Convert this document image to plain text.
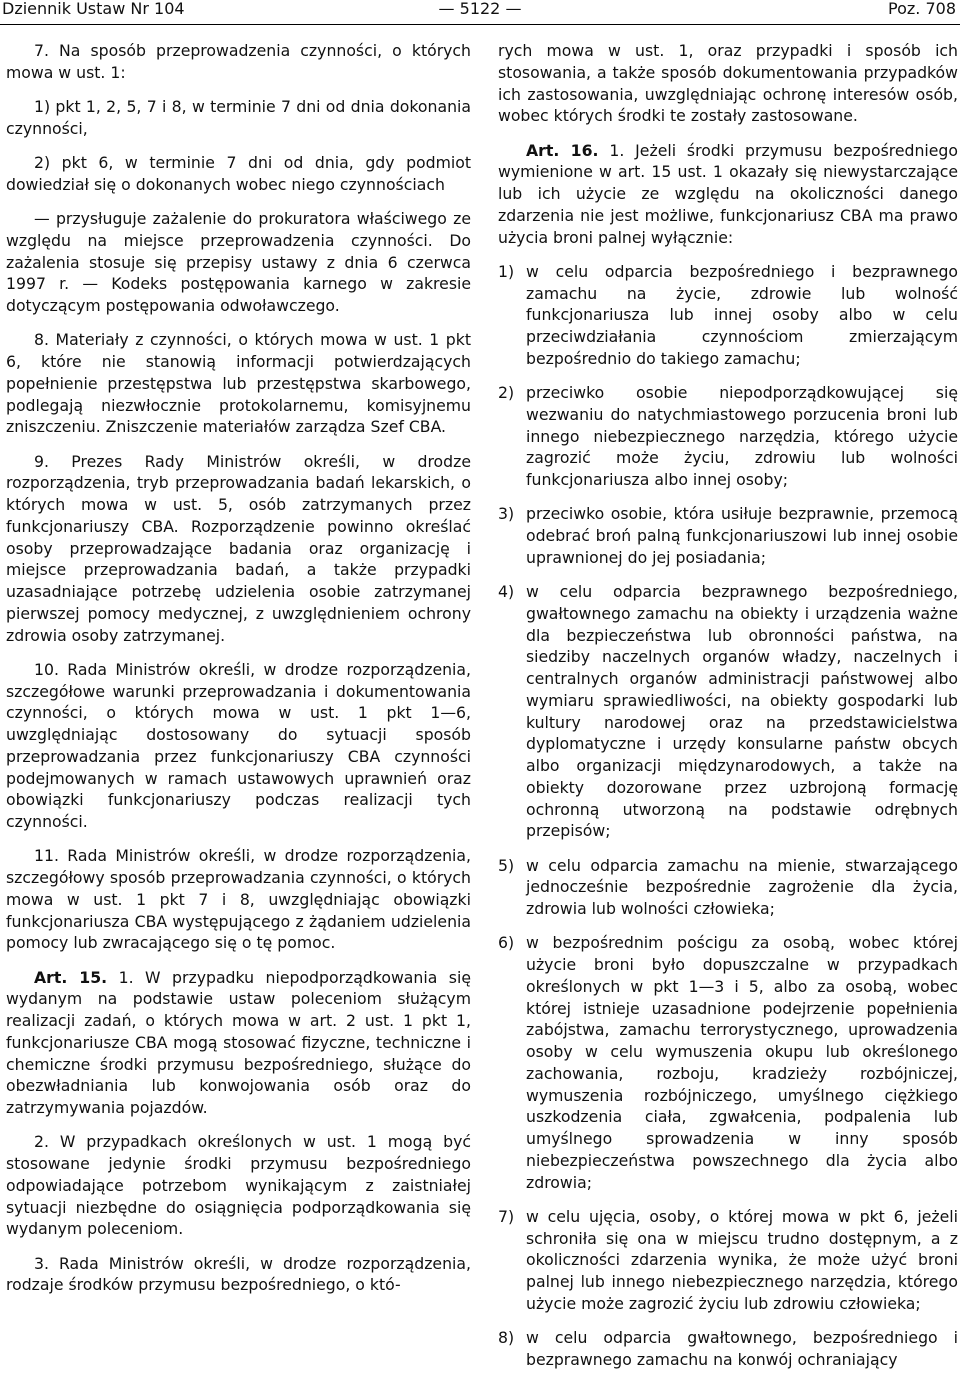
Dziennik Ustaw Nr 104	— 5122 —	Poz. 708

7. Na sposób przeprowadzenia czynności, o których mowa w ust. 1:

1) pkt 1, 2, 5, 7 i 8, w terminie 7 dni od dnia dokonania czynności,

2) pkt 6, w terminie 7 dni od dnia, gdy podmiot dowiedział się o dokonanych wobec niego czynnościach

— przysługuje zażalenie do prokuratora właściwego ze względu na miejsce przeprowadzenia czynności. Do zażalenia stosuje się przepisy ustawy z dnia 6 czerwca 1997 r. — Kodeks postępowania karnego w zakresie dotyczącym postępowania odwoławczego.

8. Materiały z czynności, o których mowa w ust. 1 pkt 6, które nie stanowią informacji potwierdzających popełnienie przestępstwa lub przestępstwa skarbowego, podlegają niezwłocznie protokolarnemu, komisyjnemu zniszczeniu. Zniszczenie materiałów zarządza Szef CBA.

9. Prezes Rady Ministrów określi, w drodze rozporządzenia, tryb przeprowadzania badań lekarskich, o których mowa w ust. 5, osób zatrzymanych przez funkcjonariuszy CBA. Rozporządzenie powinno określać osoby przeprowadzające badania oraz organizację i miejsce przeprowadzania badań, a także przypadki uzasadniające potrzebę udzielenia osobie zatrzymanej pierwszej pomocy medycznej, z uwzględnieniem ochrony zdrowia osoby zatrzymanej.

10. Rada Ministrów określi, w drodze rozporządzenia, szczegółowe warunki przeprowadzania i dokumentowania czynności, o których mowa w ust. 1 pkt 1—6, uwzględniając dostosowany do sytuacji sposób przeprowadzania przez funkcjonariuszy CBA czynności podejmowanych w ramach ustawowych uprawnień oraz obowiązki funkcjonariuszy podczas realizacji tych czynności.

11. Rada Ministrów określi, w drodze rozporządzenia, szczegółowy sposób przeprowadzania czynności, o których mowa w ust. 1 pkt 7 i 8, uwzględniając obowiązki funkcjonariusza CBA występującego z żądaniem udzielenia pomocy lub zwracającego się o tę pomoc.

Art. 15. 1. W przypadku niepodporządkowania się wydanym na podstawie ustaw poleceniom służącym realizacji zadań, o których mowa w art. 2 ust. 1 pkt 1, funkcjonariusze CBA mogą stosować fizyczne, techniczne i chemiczne środki przymusu bezpośredniego, służące do obezwładniania lub konwojowania osób oraz do zatrzymywania pojazdów.

2. W przypadkach określonych w ust. 1 mogą być stosowane jedynie środki przymusu bezpośredniego odpowiadające potrzebom wynikającym z zaistniałej sytuacji niezbędne do osiągnięcia podporządkowania się wydanym poleceniom.

3. Rada Ministrów określi, w drodze rozporządzenia, rodzaje środków przymusu bezpośredniego, o któ-

rych mowa w ust. 1, oraz przypadki i sposób ich stosowania, a także sposób dokumentowania przypadków ich zastosowania, uwzględniając ochronę interesów osób, wobec których środki te zostały zastosowane.

Art. 16. 1. Jeżeli środki przymusu bezpośredniego wymienione w art. 15 ust. 1 okazały się niewystarczające lub ich użycie ze względu na okoliczności danego zdarzenia nie jest możliwe, funkcjonariusz CBA ma prawo użycia broni palnej wyłącznie:

1) w celu odparcia bezpośredniego i bezprawnego zamachu na życie, zdrowie lub wolność funkcjonariusza lub innej osoby albo w celu przeciwdziałania czynnościom zmierzającym bezpośrednio do takiego zamachu;

2) przeciwko osobie niepodporządkowującej się wezwaniu do natychmiastowego porzucenia broni lub innego niebezpiecznego narzędzia, którego użycie zagrozić może życiu, zdrowiu lub wolności funkcjonariusza albo innej osoby;

3) przeciwko osobie, która usiłuje bezprawnie, przemocą odebrać broń palną funkcjonariuszowi lub innej osobie uprawnionej do jej posiadania;

4) w celu odparcia bezprawnego bezpośredniego, gwałtownego zamachu na obiekty i urządzenia ważne dla bezpieczeństwa lub obronności państwa, na siedziby naczelnych organów władzy, naczelnych i centralnych organów administracji państwowej albo wymiaru sprawiedliwości, na obiekty gospodarki lub kultury narodowej oraz na przedstawicielstwa dyplomatyczne i urzędy konsularne państw obcych albo organizacji międzynarodowych, a także na obiekty dozorowane przez uzbrojoną formację ochronną utworzoną na podstawie odrębnych przepisów;

5) w celu odparcia zamachu na mienie, stwarzającego jednocześnie bezpośrednie zagrożenie dla życia, zdrowia lub wolności człowieka;

6) w bezpośrednim pościgu za osobą, wobec której użycie broni było dopuszczalne w przypadkach określonych w pkt 1—3 i 5, albo za osobą, wobec której istnieje uzasadnione podejrzenie popełnienia zabójstwa, zamachu terrorystycznego, uprowadzenia osoby w celu wymuszenia okupu lub określonego zachowania, rozboju, kradzieży rozbójniczej, wymuszenia rozbójniczego, umyślnego ciężkiego uszkodzenia ciała, zgwałcenia, podpalenia lub umyślnego sprowadzenia w inny sposób niebezpieczeństwa powszechnego dla życia albo zdrowia;

7) w celu ujęcia, osoby, o której mowa w pkt 6, jeżeli schroniła się ona w miejscu trudno dostępnym, a z okoliczności zdarzenia wynika, że może użyć broni palnej lub innego niebezpiecznego narzędzia, którego użycie może zagrozić życiu lub zdrowiu człowieka;

8) w celu odparcia gwałtownego, bezpośredniego i bezprawnego zamachu na konwój ochraniający
